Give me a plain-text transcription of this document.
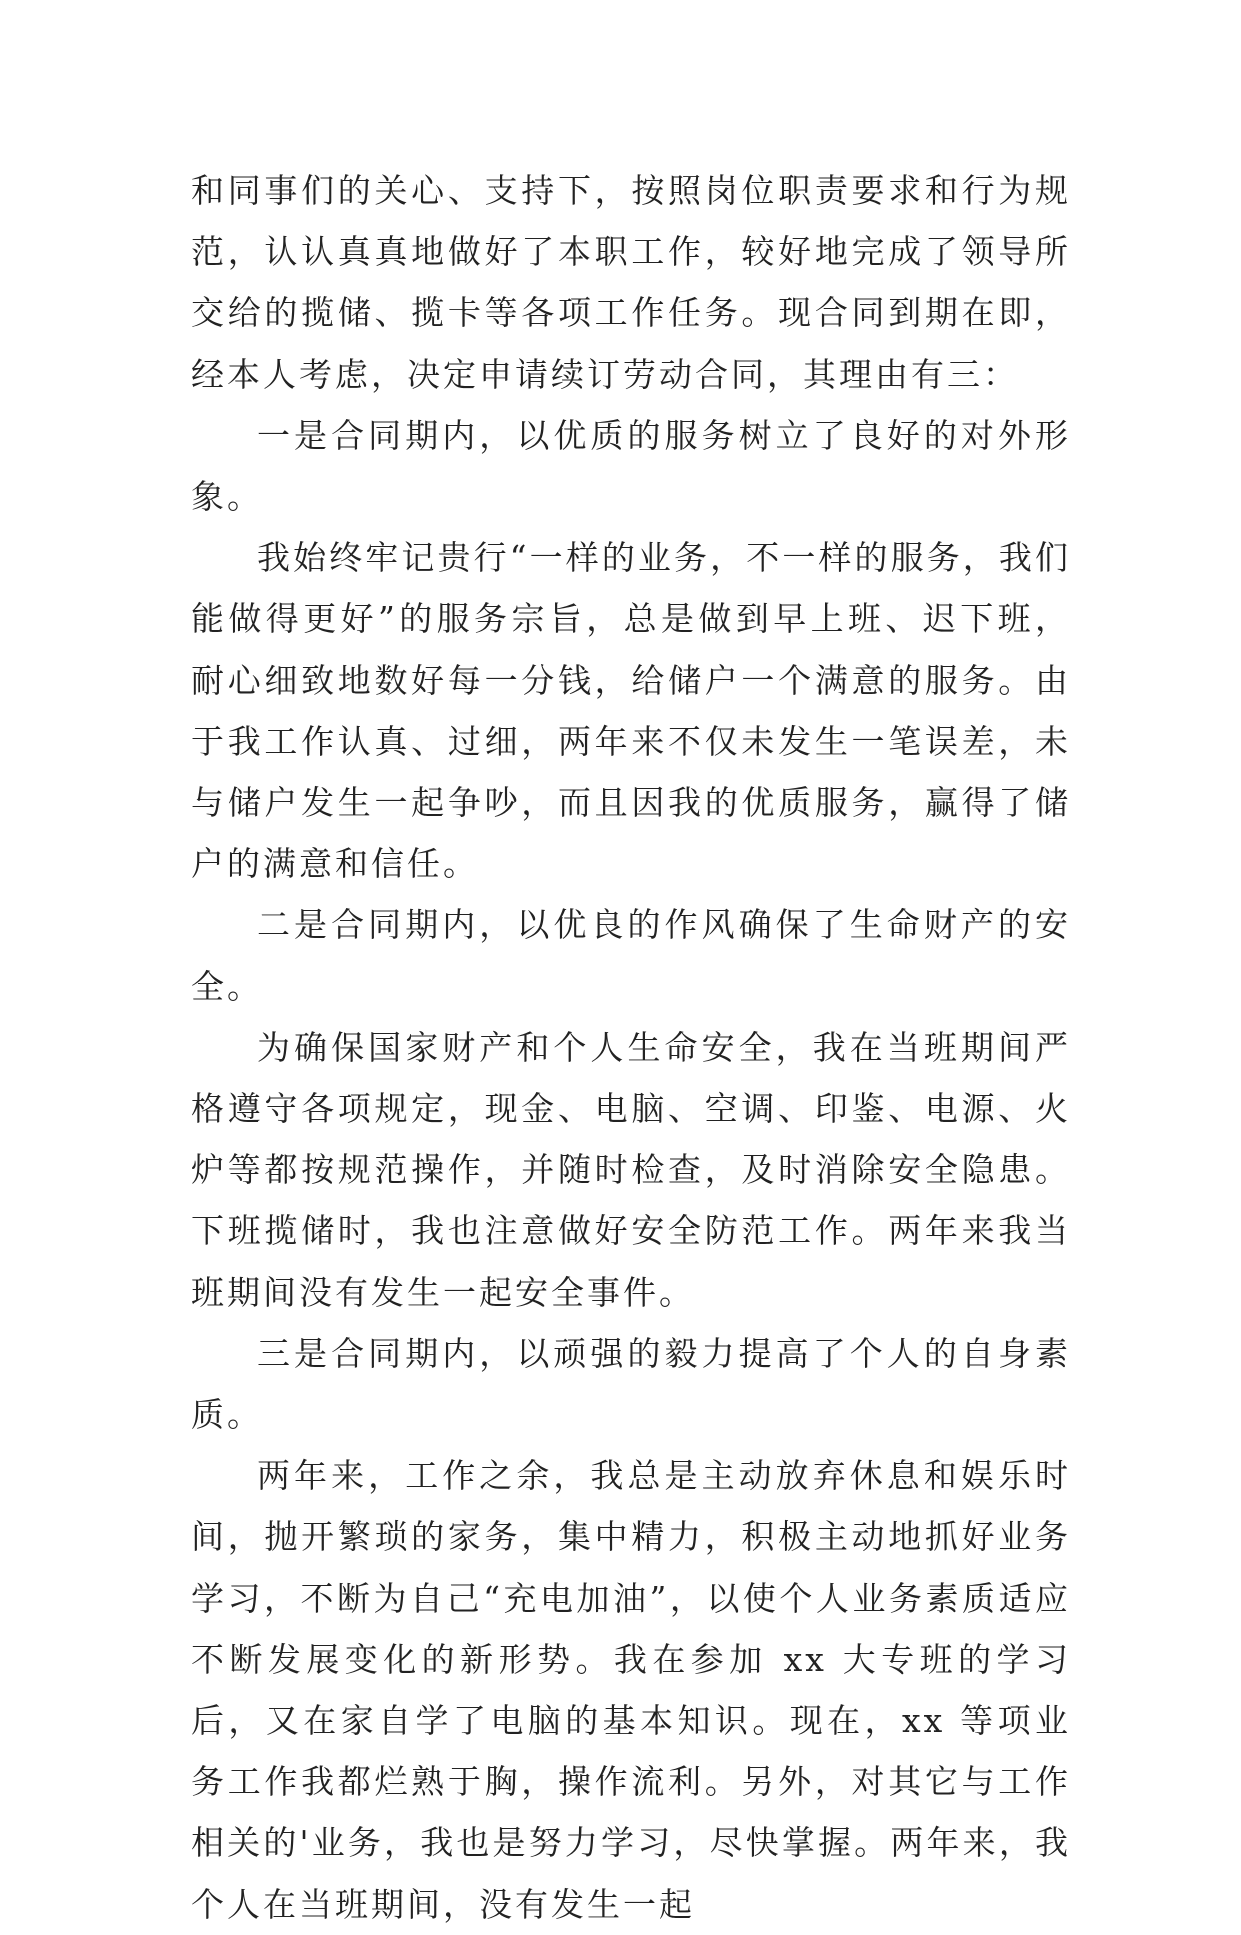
和同事们的关心、支持下，按照岗位职责要求和行为规范，认认真真地做好了本职工作，较好地完成了领导所交给的揽储、揽卡等各项工作任务。现合同到期在即，经本人考虑，决定申请续订劳动合同，其理由有三：

一是合同期内，以优质的服务树立了良好的对外形象。

我始终牢记贵行“一样的业务，不一样的服务，我们能做得更好”的服务宗旨，总是做到早上班、迟下班，耐心细致地数好每一分钱，给储户一个满意的服务。由于我工作认真、过细，两年来不仅未发生一笔误差，未与储户发生一起争吵，而且因我的优质服务，赢得了储户的满意和信任。

二是合同期内，以优良的作风确保了生命财产的安全。

为确保国家财产和个人生命安全，我在当班期间严格遵守各项规定，现金、电脑、空调、印鉴、电源、火炉等都按规范操作，并随时检查，及时消除安全隐患。下班揽储时，我也注意做好安全防范工作。两年来我当班期间没有发生一起安全事件。

三是合同期内，以顽强的毅力提高了个人的自身素质。

两年来，工作之余，我总是主动放弃休息和娱乐时间，抛开繁琐的家务，集中精力，积极主动地抓好业务学习，不断为自己“充电加油”，以使个人业务素质适应不断发展变化的新形势。我在参加 xx 大专班的学习后，又在家自学了电脑的基本知识。现在，xx 等项业务工作我都烂熟于胸，操作流利。另外，对其它与工作相关的'业务，我也是努力学习，尽快掌握。两年来，我个人在当班期间，没有发生一起
